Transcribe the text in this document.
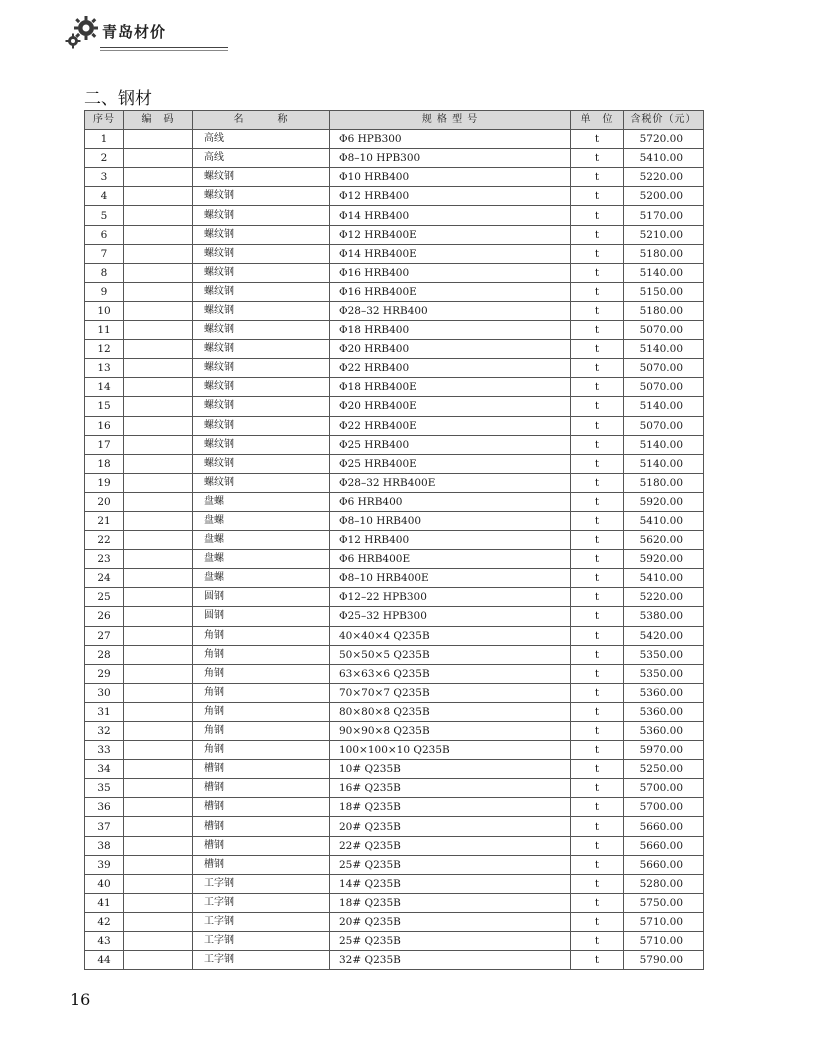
青岛材价
二、钢材
序号	编　码	名　　　称	规 格 型 号	单　位	含税价（元）
1		高线	Φ6 HPB300	t	5720.00
2		高线	Φ8–10 HPB300	t	5410.00
3		螺纹钢	Φ10 HRB400	t	5220.00
4		螺纹钢	Φ12 HRB400	t	5200.00
5		螺纹钢	Φ14 HRB400	t	5170.00
6		螺纹钢	Φ12 HRB400E	t	5210.00
7		螺纹钢	Φ14 HRB400E	t	5180.00
8		螺纹钢	Φ16 HRB400	t	5140.00
9		螺纹钢	Φ16 HRB400E	t	5150.00
10		螺纹钢	Φ28–32 HRB400	t	5180.00
11		螺纹钢	Φ18 HRB400	t	5070.00
12		螺纹钢	Φ20 HRB400	t	5140.00
13		螺纹钢	Φ22 HRB400	t	5070.00
14		螺纹钢	Φ18 HRB400E	t	5070.00
15		螺纹钢	Φ20 HRB400E	t	5140.00
16		螺纹钢	Φ22 HRB400E	t	5070.00
17		螺纹钢	Φ25 HRB400	t	5140.00
18		螺纹钢	Φ25 HRB400E	t	5140.00
19		螺纹钢	Φ28–32 HRB400E	t	5180.00
20		盘螺	Φ6 HRB400	t	5920.00
21		盘螺	Φ8–10 HRB400	t	5410.00
22		盘螺	Φ12 HRB400	t	5620.00
23		盘螺	Φ6 HRB400E	t	5920.00
24		盘螺	Φ8–10 HRB400E	t	5410.00
25		圆钢	Φ12–22 HPB300	t	5220.00
26		圆钢	Φ25–32 HPB300	t	5380.00
27		角钢	40×40×4 Q235B	t	5420.00
28		角钢	50×50×5 Q235B	t	5350.00
29		角钢	63×63×6 Q235B	t	5350.00
30		角钢	70×70×7 Q235B	t	5360.00
31		角钢	80×80×8 Q235B	t	5360.00
32		角钢	90×90×8 Q235B	t	5360.00
33		角钢	100×100×10 Q235B	t	5970.00
34		槽钢	10# Q235B	t	5250.00
35		槽钢	16# Q235B	t	5700.00
36		槽钢	18# Q235B	t	5700.00
37		槽钢	20# Q235B	t	5660.00
38		槽钢	22# Q235B	t	5660.00
39		槽钢	25# Q235B	t	5660.00
40		工字钢	14# Q235B	t	5280.00
41		工字钢	18# Q235B	t	5750.00
42		工字钢	20# Q235B	t	5710.00
43		工字钢	25# Q235B	t	5710.00
44		工字钢	32# Q235B	t	5790.00
16
